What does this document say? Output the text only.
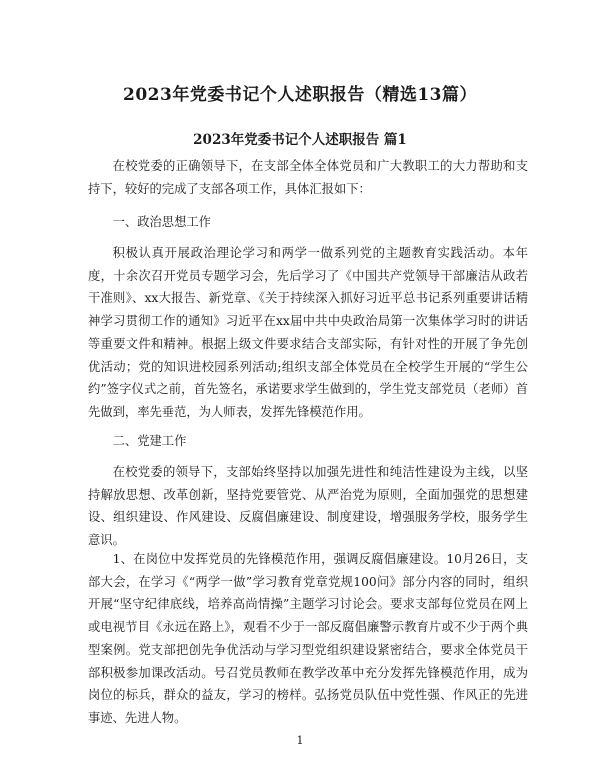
2023年党委书记个人述职报告（精选13篇）
2023年党委书记个人述职报告 篇1

在校党委的正确领导下，在支部全体全体党员和广大教职工的大力帮助和支持下，较好的完成了支部各项工作，具体汇报如下：

一、政治思想工作

积极认真开展政治理论学习和两学一做系列党的主题教育实践活动。本年度，十余次召开党员专题学习会，先后学习了《中国共产党领导干部廉洁从政若干准则》、xx大报告、新党章、《关于持续深入抓好习近平总书记系列重要讲话精神学习贯彻工作的通知》习近平在xx届中共中央政治局第一次集体学习时的讲话等重要文件和精神。根据上级文件要求结合支部实际，有针对性的开展了争先创优活动；党的知识进校园系列活动;组织支部全体党员在全校学生开展的“学生公约”签字仪式之前，首先签名，承诺要求学生做到的，学生党支部党员（老师）首先做到，率先垂范，为人师表，发挥先锋模范作用。

二、党建工作

在校党委的领导下，支部始终坚持以加强先进性和纯洁性建设为主线，以坚持解放思想、改革创新，坚持党要管党、从严治党为原则，全面加强党的思想建设、组织建设、作风建设、反腐倡廉建设、制度建设，增强服务学校，服务学生意识。

1、在岗位中发挥党员的先锋模范作用，强调反腐倡廉建设。10月26日，支部大会，在学习《“两学一做”学习教育党章党规100问》部分内容的同时，组织开展“坚守纪律底线，培养高尚情操”主题学习讨论会。要求支部每位党员在网上或电视节目《永远在路上》，观看不少于一部反腐倡廉警示教育片或不少于两个典型案例。党支部把创先争优活动与学习型党组织建设紧密结合，要求全体党员干部积极参加课改活动。号召党员教师在教学改革中充分发挥先锋模范作用，成为岗位的标兵，群众的益友，学习的榜样。弘扬党员队伍中党性强、作风正的先进事迹、先进人物。

1
